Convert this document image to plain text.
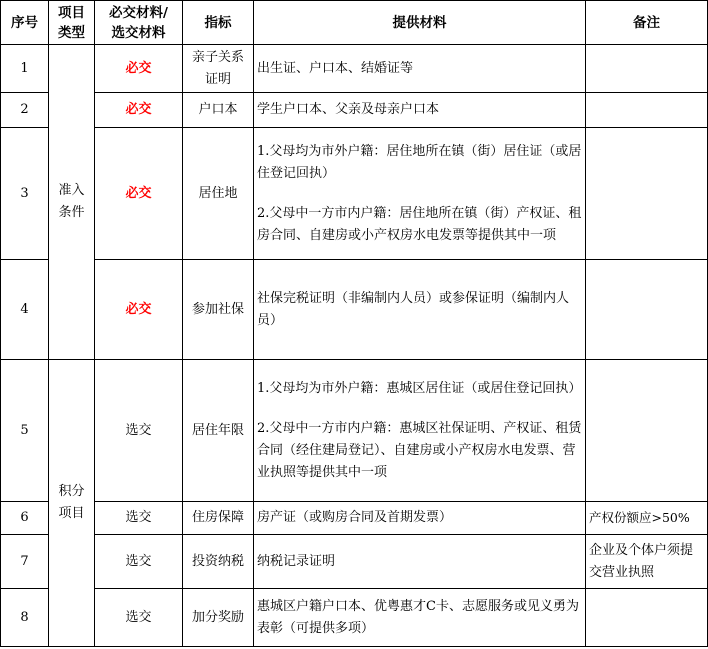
序号	项目类型	必交材料/
选交材料	指标	提供材料	备注
1	准入条件	必交	亲子关系证明	出生证、户口本、结婚证等	

2		必交	户口本	学生户口本、父亲及母亲户口本	

3		必交	居住地	1.父母均为市外户籍：居住地所在镇（街）居住证（或居住登记回执）
2.父母中一方市内户籍：居住地所在镇（街）产权证、租房合同、自建房或小产权房水电发票等提供其中一项	

4		必交	参加社保	社保完税证明（非编制内人员）或参保证明（编制内人员）	

5	积分项目	选交	居住年限	1.父母均为市外户籍：惠城区居住证（或居住登记回执）
2.父母中一方市内户籍：惠城区社保证明、产权证、租赁合同（经住建局登记）、自建房或小产权房水电发票、营业执照等提供其中一项	

6		选交	住房保障	房产证（或购房合同及首期发票）	产权份额应>50%
7		选交	投资纳税	纳税记录证明	企业及个体户须提交营业执照
8		选交	加分奖励	惠城区户籍户口本、优粤惠才C卡、志愿服务或见义勇为表彰（可提供多项）	
